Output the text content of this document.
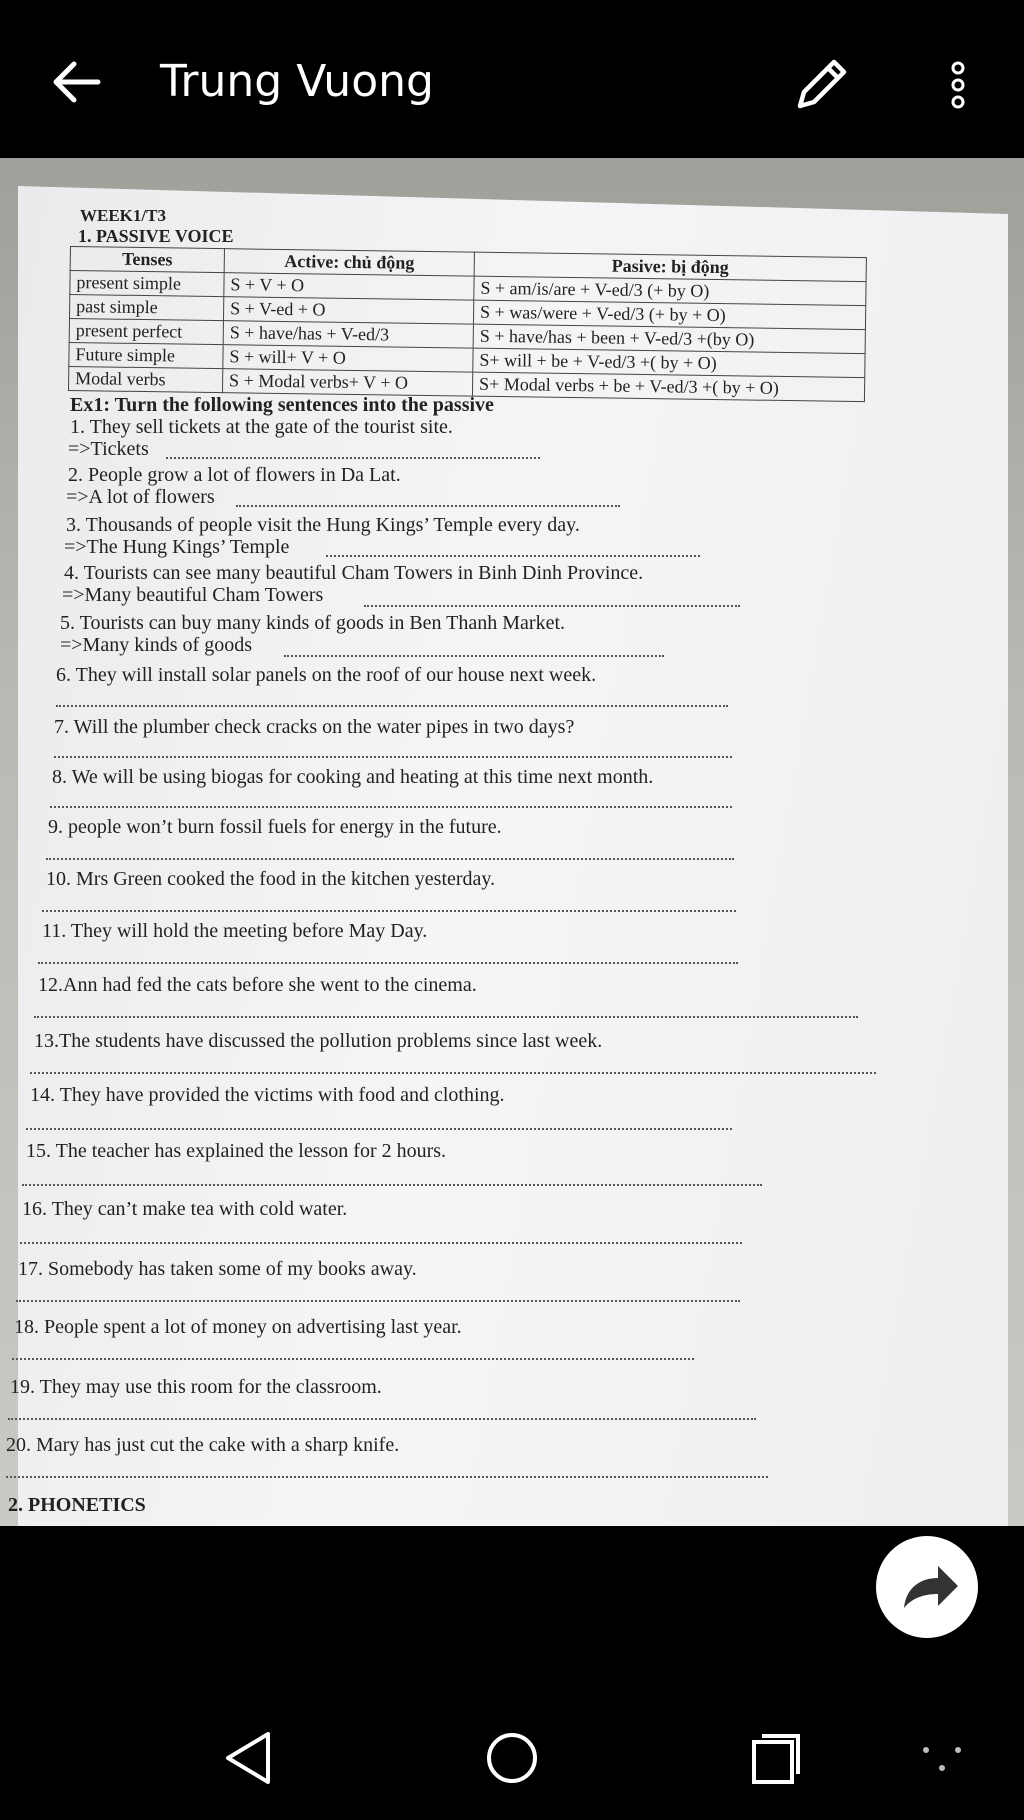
Trung Vuong
WEEK1/T3
1. PASSIVE VOICE
Tenses	Active: chủ động	Pasive: bị động
present simple	S + V + O	S + am/is/are + V-ed/3 (+ by O)
past simple	S + V-ed + O	S + was/were + V-ed/3 (+ by + O)
present perfect	S + have/has + V-ed/3	S + have/has + been + V-ed/3 +(by O)
Future simple	S + will+ V + O	S+ will + be + V-ed/3 +( by + O)
Modal verbs	S + Modal verbs+ V + O	S+ Modal verbs + be + V-ed/3 +( by + O)
Ex1: Turn the following sentences into the passive
1. They sell tickets at the gate of the tourist site.
=>Tickets
2. People grow a lot of flowers in Da Lat.
=>A lot of flowers
3. Thousands of people visit the Hung Kings’ Temple every day.
=>The Hung Kings’ Temple
4. Tourists can see many beautiful Cham Towers in Binh Dinh Province.
=>Many beautiful Cham Towers
5. Tourists can buy many kinds of goods in Ben Thanh Market.
=>Many kinds of goods
6. They will install solar panels on the roof of our house next week.
7. Will the plumber check cracks on the water pipes in two days?
8. We will be using biogas for cooking and heating at this time next month.
9. people won’t burn fossil fuels for energy in the future.
10. Mrs Green cooked the food in the kitchen yesterday.
11. They will hold the meeting before May Day.
12.Ann had fed the cats before she went to the cinema.
13.The students have discussed the pollution problems since last week.
14. They have provided the victims with food and clothing.
15. The teacher has explained the lesson for 2 hours.
16. They can’t make tea with cold water.
17. Somebody has taken some of my books away.
18. People spent a lot of money on advertising last year.
19. They may use this room for the classroom.
20. Mary has just cut the cake with a sharp knife.
2. PHONETICS
